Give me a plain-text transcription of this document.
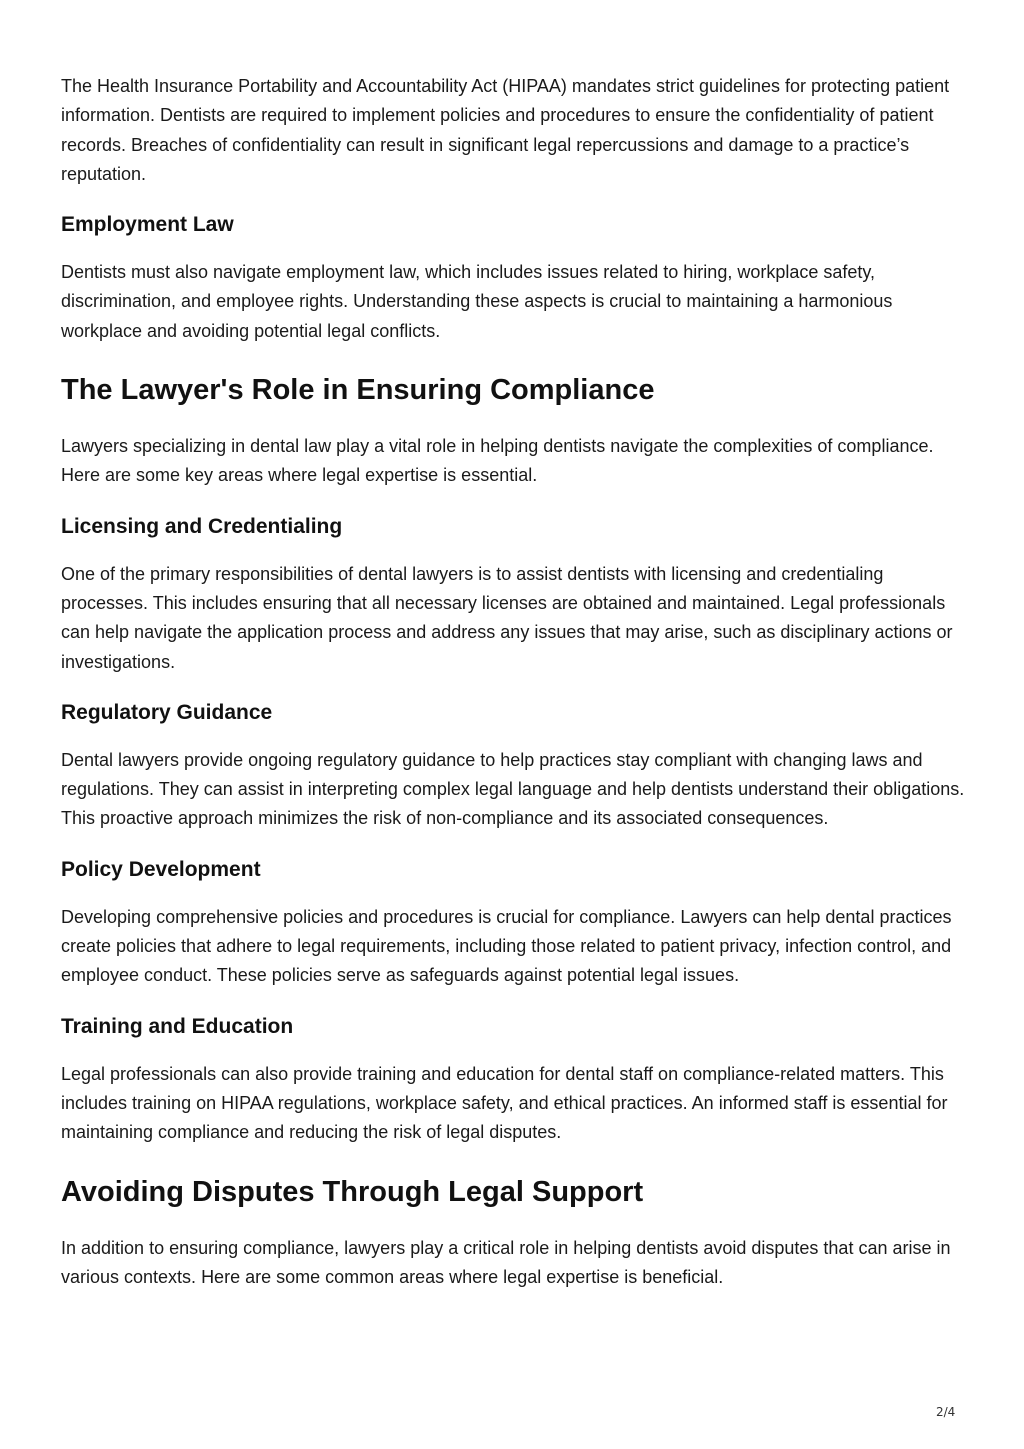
The Health Insurance Portability and Accountability Act (HIPAA) mandates strict guidelines for protecting patient information. Dentists are required to implement policies and procedures to ensure the confidentiality of patient records. Breaches of confidentiality can result in significant legal repercussions and damage to a practice’s reputation.

Employment Law

Dentists must also navigate employment law, which includes issues related to hiring, workplace safety, discrimination, and employee rights. Understanding these aspects is crucial to maintaining a harmonious workplace and avoiding potential legal conflicts.

The Lawyer's Role in Ensuring Compliance

Lawyers specializing in dental law play a vital role in helping dentists navigate the complexities of compliance. Here are some key areas where legal expertise is essential.

Licensing and Credentialing

One of the primary responsibilities of dental lawyers is to assist dentists with licensing and credentialing processes. This includes ensuring that all necessary licenses are obtained and maintained. Legal professionals can help navigate the application process and address any issues that may arise, such as disciplinary actions or investigations.

Regulatory Guidance

Dental lawyers provide ongoing regulatory guidance to help practices stay compliant with changing laws and regulations. They can assist in interpreting complex legal language and help dentists understand their obligations. This proactive approach minimizes the risk of non-compliance and its associated consequences.

Policy Development

Developing comprehensive policies and procedures is crucial for compliance. Lawyers can help dental practices create policies that adhere to legal requirements, including those related to patient privacy, infection control, and employee conduct. These policies serve as safeguards against potential legal issues.

Training and Education

Legal professionals can also provide training and education for dental staff on compliance-related matters. This includes training on HIPAA regulations, workplace safety, and ethical practices. An informed staff is essential for maintaining compliance and reducing the risk of legal disputes.

Avoiding Disputes Through Legal Support

In addition to ensuring compliance, lawyers play a critical role in helping dentists avoid disputes that can arise in various contexts. Here are some common areas where legal expertise is beneficial.

2/4
